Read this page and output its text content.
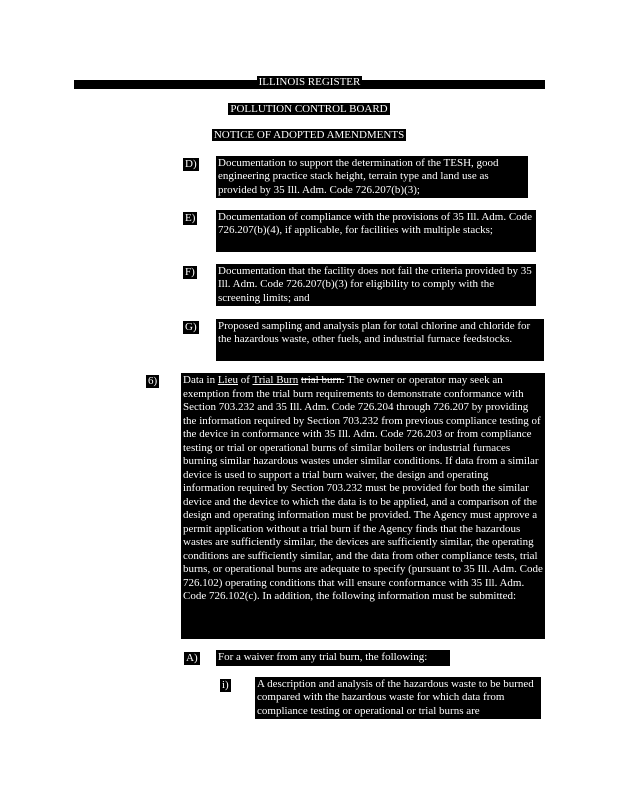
ILLINOIS REGISTER
POLLUTION CONTROL BOARD
NOTICE OF ADOPTED AMENDMENTS
D) Documentation to support the determination of the TESH, good engineering practice stack height, terrain type and land use as provided by 35 Ill. Adm. Code 726.207(b)(3);
E) Documentation of compliance with the provisions of 35 Ill. Adm. Code 726.207(b)(4), if applicable, for facilities with multiple stacks;
F) Documentation that the facility does not fail the criteria provided by 35 Ill. Adm. Code 726.207(b)(3) for eligibility to comply with the screening limits; and
G) Proposed sampling and analysis plan for total chlorine and chloride for the hazardous waste, other fuels, and industrial furnace feedstocks.
6) Data in Lieu of Trial Burn trial burn. The owner or operator may seek an exemption from the trial burn requirements to demonstrate conformance with Section 703.232 and 35 Ill. Adm. Code 726.204 through 726.207 by providing the information required by Section 703.232 from previous compliance testing of the device in conformance with 35 Ill. Adm. Code 726.203 or from compliance testing or trial or operational burns of similar boilers or industrial furnaces burning similar hazardous wastes under similar conditions. If data from a similar device is used to support a trial burn waiver, the design and operating information required by Section 703.232 must be provided for both the similar device and the device to which the data is to be applied, and a comparison of the design and operating information must be provided. The Agency must approve a permit application without a trial burn if the Agency finds that the hazardous wastes are sufficiently similar, the devices are sufficiently similar, the operating conditions are sufficiently similar, and the data from other compliance tests, trial burns, or operational burns are adequate to specify (pursuant to 35 Ill. Adm. Code 726.102) operating conditions that will ensure conformance with 35 Ill. Adm. Code 726.102(c). In addition, the following information must be submitted:
A) For a waiver from any trial burn, the following:
i)	A description and analysis of the hazardous waste to be burned compared with the hazardous waste for which data from compliance testing or operational or trial burns are
